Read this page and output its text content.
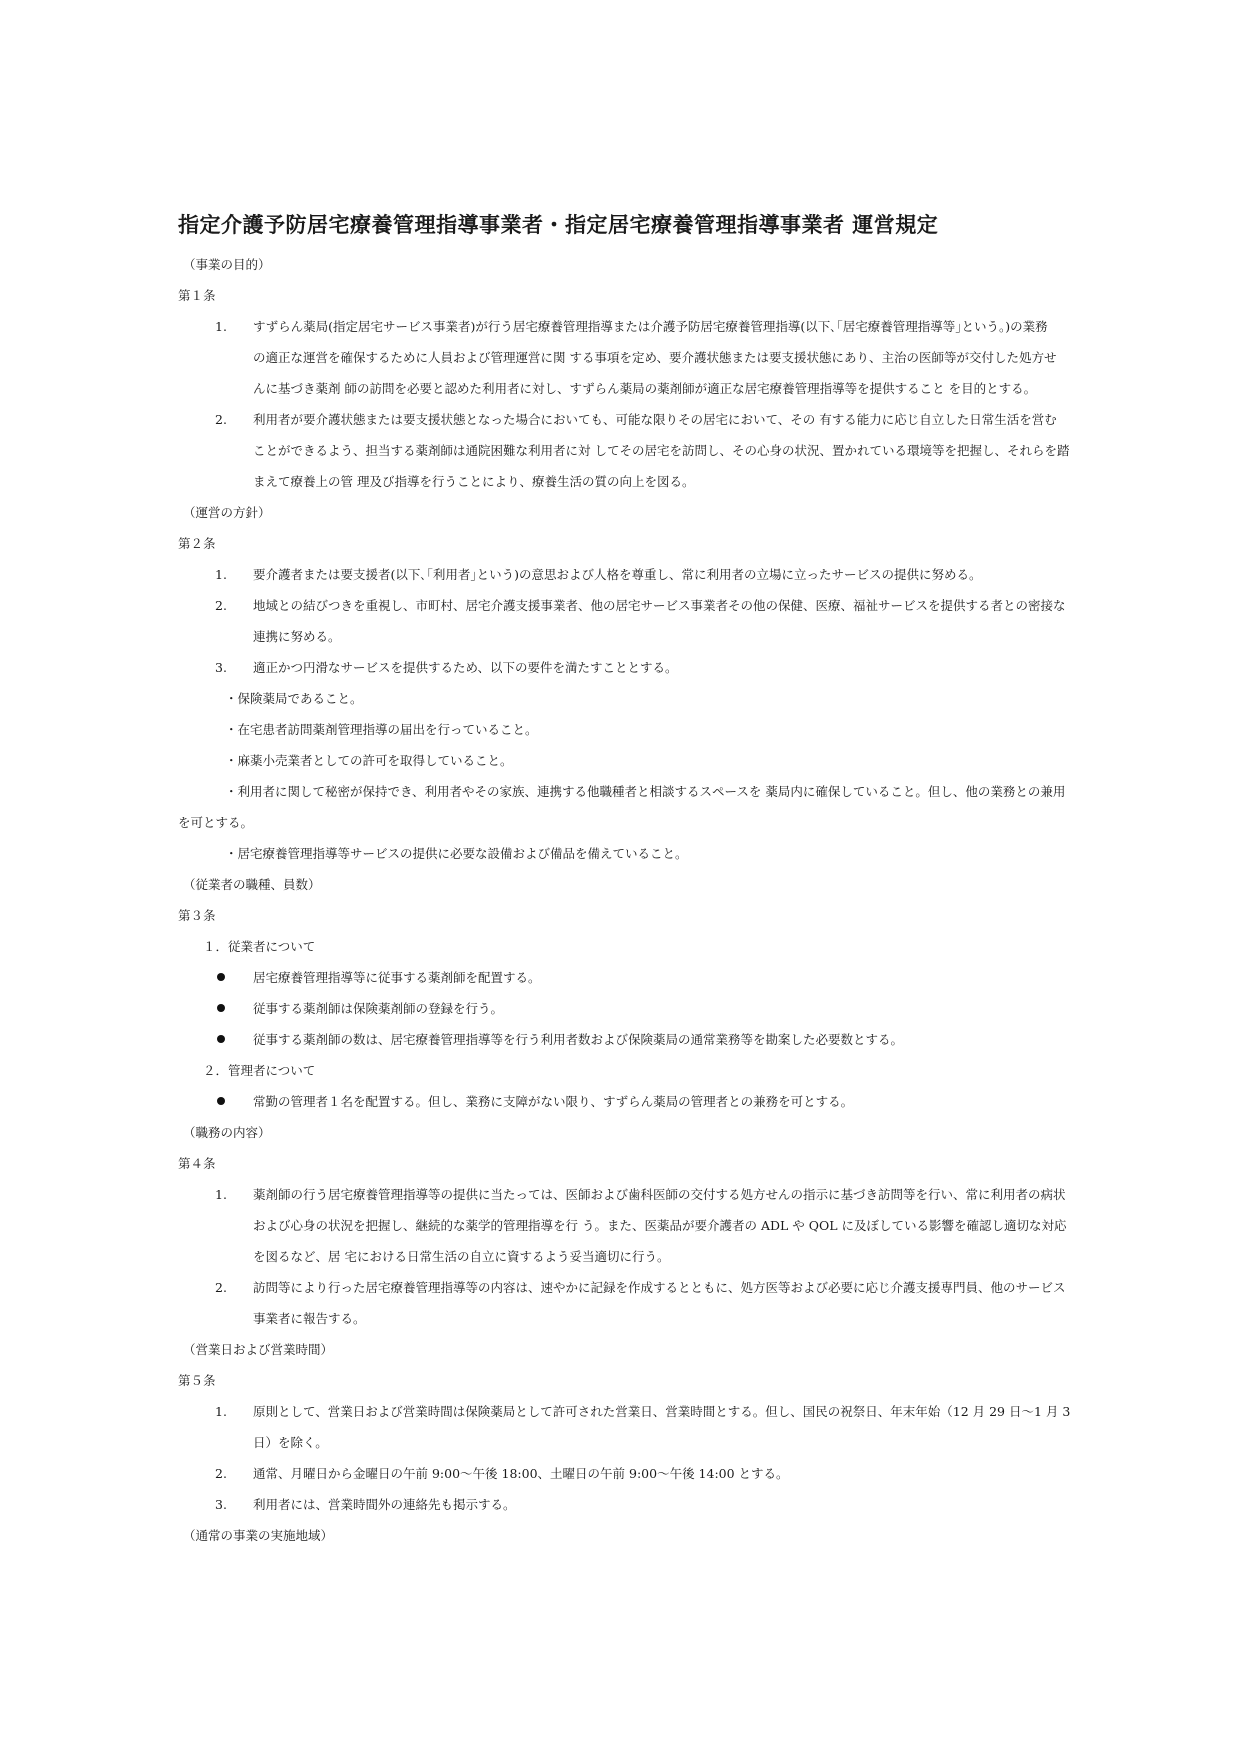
指定介護予防居宅療養管理指導事業者・指定居宅療養管理指導事業者 運営規定
（事業の目的）
第１条
1.	すずらん薬局(指定居宅サービス事業者)が行う居宅療養管理指導または介護予防居宅療養管理指導(以下､｢居宅療養管理指導等｣という。)の業務
の適正な運営を確保するために人員および管理運営に関 する事項を定め、要介護状態または要支援状態にあり、主治の医師等が交付した処方せ
んに基づき薬剤 師の訪問を必要と認めた利用者に対し、すずらん薬局の薬剤師が適正な居宅療養管理指導等を提供すること を目的とする。
2.	利用者が要介護状態または要支援状態となった場合においても、可能な限りその居宅において、その 有する能力に応じ自立した日常生活を営む
ことができるよう、担当する薬剤師は通院困難な利用者に対 してその居宅を訪問し、その心身の状況、置かれている環境等を把握し、それらを踏
まえて療養上の管 理及び指導を行うことにより、療養生活の質の向上を図る。
（運営の方針）
第２条
1.	要介護者または要支援者(以下､｢利用者｣という)の意思および人格を尊重し、常に利用者の立場に立ったサービスの提供に努める。
2.	地域との結びつきを重視し、市町村、居宅介護支援事業者、他の居宅サービス事業者その他の保健、医療、福祉サービスを提供する者との密接な
連携に努める。
3.	適正かつ円滑なサービスを提供するため、以下の要件を満たすこととする。
・保険薬局であること。
・在宅患者訪問薬剤管理指導の届出を行っていること。
・麻薬小売業者としての許可を取得していること。
・利用者に関して秘密が保持でき、利用者やその家族、連携する他職種者と相談するスペースを 薬局内に確保していること。但し、他の業務との兼用
を可とする。
・居宅療養管理指導等サービスの提供に必要な設備および備品を備えていること。
（従業者の職種、員数）
第３条
１．従業者について
居宅療養管理指導等に従事する薬剤師を配置する。
従事する薬剤師は保険薬剤師の登録を行う。
従事する薬剤師の数は、居宅療養管理指導等を行う利用者数および保険薬局の通常業務等を勘案した必要数とする。
２．管理者について
常勤の管理者１名を配置する。但し、業務に支障がない限り、すずらん薬局の管理者との兼務を可とする。
（職務の内容）
第４条
1.	薬剤師の行う居宅療養管理指導等の提供に当たっては、医師および歯科医師の交付する処方せんの指示に基づき訪問等を行い、常に利用者の病状
および心身の状況を把握し、継続的な薬学的管理指導を行 う。また、医薬品が要介護者の ADL や QOL に及ぼしている影響を確認し適切な対応
を図るなど、居 宅における日常生活の自立に資するよう妥当適切に行う。
2.	訪問等により行った居宅療養管理指導等の内容は、速やかに記録を作成するとともに、処方医等および必要に応じ介護支援専門員、他のサービス
事業者に報告する。
（営業日および営業時間）
第５条
1.	原則として、営業日および営業時間は保険薬局として許可された営業日、営業時間とする。但し、国民の祝祭日、年末年始（12 月 29 日〜1 月 3
日）を除く。
2.	通常、月曜日から金曜日の午前 9:00〜午後 18:00、土曜日の午前 9:00〜午後 14:00 とする。
3.	利用者には、営業時間外の連絡先も掲示する。
（通常の事業の実施地域）
